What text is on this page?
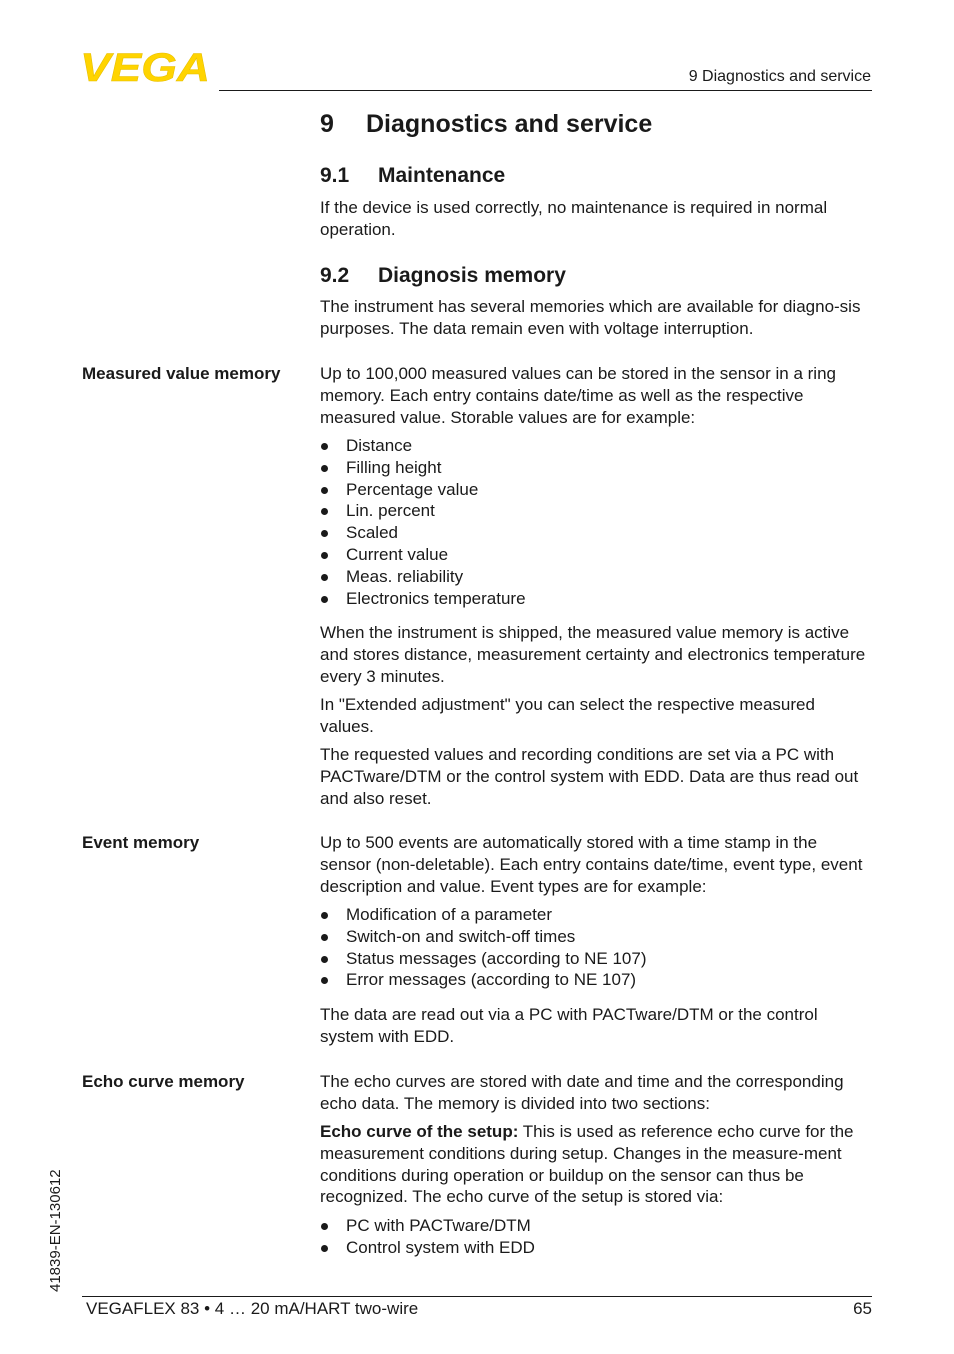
VEGA	9 Diagnostics and service
9 Diagnostics and service
9.1 Maintenance
If the device is used correctly, no maintenance is required in normal operation.
9.2 Diagnosis memory
The instrument has several memories which are available for diagno-sis purposes. The data remain even with voltage interruption.
Measured value memory Up to 100,000 measured values can be stored in the sensor in a ring memory. Each entry contains date/time as well as the respective measured value. Storable values are for example:
Distance
Filling height
Percentage value
Lin. percent
Scaled
Current value
Meas. reliability
Electronics temperature
When the instrument is shipped, the measured value memory is active and stores distance, measurement certainty and electronics temperature every 3 minutes.
In "Extended adjustment" you can select the respective measured values.
The requested values and recording conditions are set via a PC with PACTware/DTM or the control system with EDD. Data are thus read out and also reset.
Event memory	Up to 500 events are automatically stored with a time stamp in the sensor (non-deletable). Each entry contains date/time, event type, event description and value. Event types are for example:
Modification of a parameter
Switch-on and switch-off times
Status messages (according to NE 107)
Error messages (according to NE 107)
The data are read out via a PC with PACTware/DTM or the control system with EDD.
Echo curve memory	The echo curves are stored with date and time and the corresponding echo data. The memory is divided into two sections:
Echo curve of the setup: This is used as reference echo curve for the measurement conditions during setup. Changes in the measure-ment conditions during operation or buildup on the sensor can thus be recognized. The echo curve of the setup is stored via:
PC with PACTware/DTM
Control system with EDD
41839-EN-130612
VEGAFLEX 83 • 4 … 20 mA/HART two-wire	65
